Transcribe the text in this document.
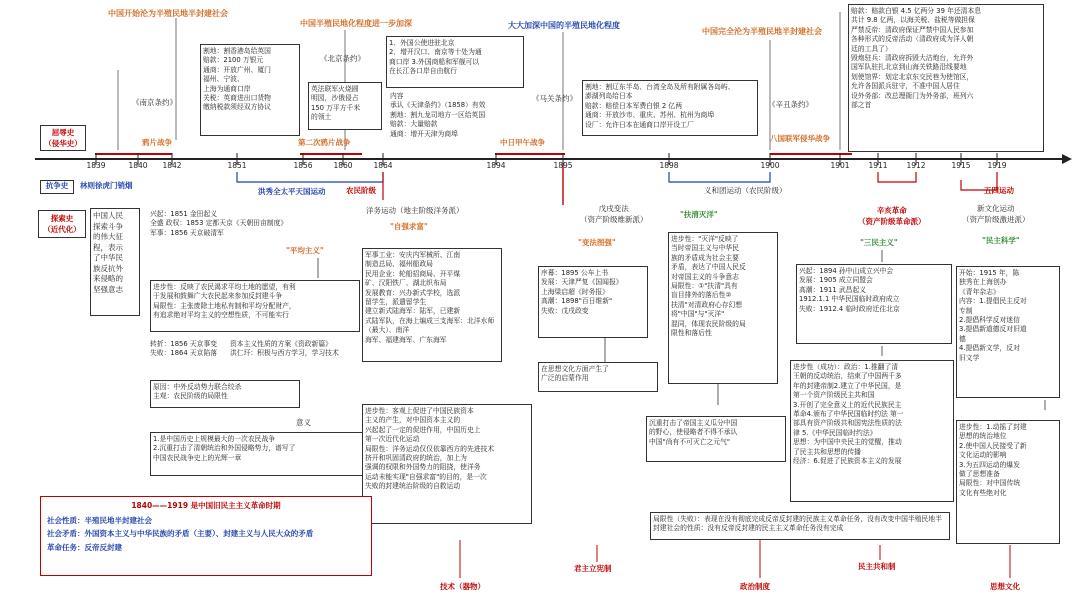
1839	1840 1842	1851	1856	1860	1864	1894	1895	1898	1900	1901	1911	1912	1915 1919
屈辱史
（侵华史）
抗争史	林则徐虎门销烟
探索史
（近代化）
中国人民
探索斗争
的伟大征
程，表示
了中华民
族反抗外
来侵略的
坚强意志
中国开始沦为半殖民地半封建社会
中国半殖民地化程度进一步加深	大大加深中国的半殖民地化程度
中国完全沦为半殖民地半封建社会
《南京条约》
割地：割香港岛给英国
赔款：2100 万银元
通商：开放广州、厦门
福州、宁波、
上海为通商口岸
关税：英商进出口货物
缴纳税款须经双方协议
鸦片战争
《北京条约》
1．外国公使进驻北京
2．增开汉口、南京等十处为通
商口岸 3.外国商船和军舰可以
在长江各口岸自由航行
英法联军火烧圆
明园，沙俄侵占
150 万平方千米
的领土
第二次鸦片战争
内容
承认《天津条约》（1858）有效
割地：割九龙司地方一区给英国
赔款：大量赔款
通商：增开天津为商埠
《马关条约》
割地：割辽东半岛、台湾全岛及所有附属各岛屿、
澎湖列岛给日本
赔款：赔偿日本军费白银 2 亿两
通商：开放沙市、重庆、苏州、杭州为商埠
设厂：允许日本在通商口岸开设工厂
中日甲午战争
《辛丑条约》
八国联军侵华战争
赔款：赔款白银 4.5 亿两分 39 年还清本息
共计 9.8 亿两，以海关税、盐税等做担保
严禁反帝：清政府保证严禁中国人民参加
各种形式的反帝活动（清政府成为洋人朝
廷的工具了）
毁炮驻兵：清政府拆毁大沽炮台，允许外
国军队驻扎北京到山海关铁路沿线要地
划使馆界：划定北京东交民巷为使馆区，
允许各国派兵驻守，不准中国人居住
设外务部：改总理衙门为外务部，班列六
部之首
洪秀全太平天国运动	农民阶级
兴起：1851 金田起义
全盛 政权：1853 定都天京《天朝田亩制度》
军事：1856 天京破清军
"平均主义"
进步性：反映了农民渴求平均土地的愿望，有利
于发展和鼓舞广大农民起来参加反封建斗争
局限性：主张废除土地私有制和平均分配财产，
有追求绝对平均主义的空想性质，不可能实行
转折：1856 天京事变
失败：1864 天京陷落
资本主义性质的方案《资政新篇》
洪仁玕：积极与西方学习，学习技术
原因：中外反动势力联合绞杀
主观：农民阶级的局限性
意义
1.是中国历史上规模最大的一次农民战争
2.沉重打击了清朝统治和外国侵略势力，谱写了
中国农民战争史上的光辉一章
洋务运动（地主阶级洋务派）
"自强求富"
军事工业：安庆内军械所、江南
制造总局、福州船政局
民用企业：轮船招商局、开平煤
矿、汉阳铁厂、湖北织布局
发展教育：兴办新式学校，选派
留学生，派遣留学生
建立新式陆海军：陆军，已建新
式陆军队，在海上编成三支海军：北洋水师（最大）、南洋
海军、福建海军、广东海军
进步性：客观上促进了中国民族资本
主义的产生，对中国资本主义的
兴起起了一定的促进作用，中国历史上
第一次近代化运动
局限性：洋务运动仅仅依靠西方的先进技术
挤开和巩固清政府的统治，加上为
强调的权限和外国势力的阻挠，使洋务
运动未能实现"自强求富"的目的，是一次
失败的封建统治阶级的自救运动
戊戌变法
（资产阶级维新派）
"变法图强"
序幕：1895 公车上书
发展：天津严复《国闻报》
上海梁启超《时务报》
高潮：1898"百日维新"
失败：戊戌政变
在思想文化方面产生了
广泛的启蒙作用
义和团运动（农民阶级）
"扶清灭洋"
进步性："灭洋"反映了
当时帝国主义与中华民
族的矛盾成为社会主要
矛盾，表达了中国人民反
对帝国主义的斗争意志
局限性：①"扶清"具有
盲目排外的落后性②
扶清"对清政府心存幻想
将"中国"与"灭洋"
混同，体现农民阶级的局
限性和落后性
沉重打击了帝国主义瓜分中国
的野心，使侵略者不得不承认
中国"尚有不可灭亡之元气"
辛亥革命
（资产阶级革命派）
"三民主义"
兴起：1894 孙中山成立兴中会
发展：1905 成立同盟会
高潮：1911 武昌起义
1912.1.1 中华民国临时政府成立
失败：1912.4 临时政府迁往北京
进步性（成功）：政治：1.推翻了清
王朝的反动统治，结束了中国两千多
年的封建帝制2.建立了中华民国，是
第一个资产阶级民主共和国
3.开创了完全意义上的近代民族民主
革命4.颁布了中华民国临时约法 第一
部具有资产阶级共和国宪法性质的法
律 5.《中华民国临时约法》
思想：为中国中央民主的觉醒，推动
了民主共和思想的传播
经济：6.促进了民族资本主义的发展
局限性（失败）：表现在没有彻底完成反帝反封建的民族主义革命任务，没有改变中国半殖民地半封建社会的性质：没有反帝反封建的民主主义革命任务没有完成
五四运动
新文化运动
（资产阶级激进派）
"民主科学"
开始：1915 年，陈
独秀在上海创办
《青年杂志》
内容：1.提倡民主反对
专制
2.提倡科学反对迷信
3.提倡新道德反对旧道
德
4.提倡新文学，反对
旧文学
进步性：1.动摇了封建
思想的统治地位
2.使中国人民接受了新
文化运动的影响
3.为五四运动的爆发
做了思想准备
局限性：对中国传统
文化有些绝对化
1840——1919 是中国旧民主主义革命时期
社会性质：半殖民地半封建社会
社会矛盾：外国资本主义与中华民族的矛盾（主要）、封建主义与人民大众的矛盾
革命任务：反帝反封建
技术（器物）
君主立宪制
政治制度
民主共和制
思想文化
